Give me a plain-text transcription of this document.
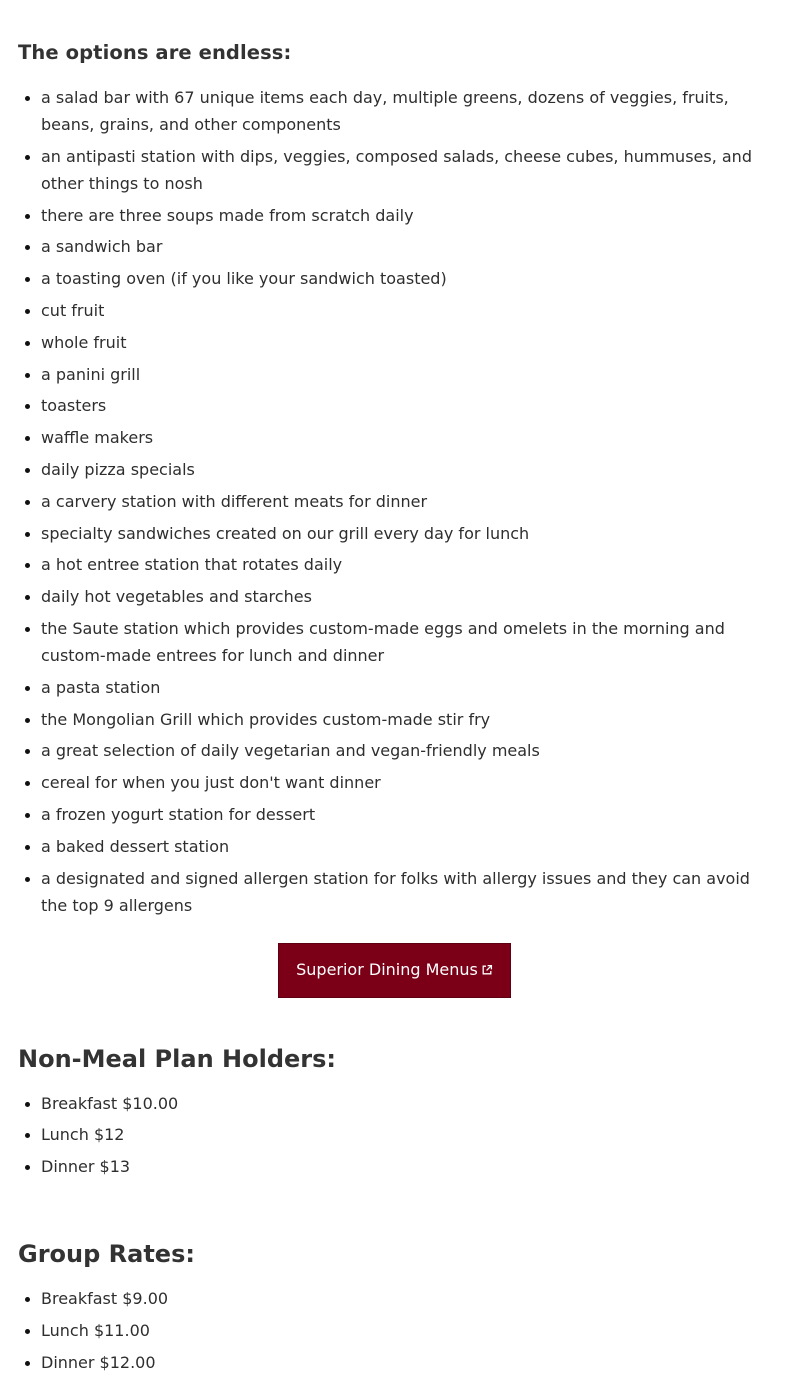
The options are endless:
• a salad bar with 67 unique items each day, multiple greens, dozens of veggies, fruits, beans, grains, and other components
• an antipasti station with dips, veggies, composed salads, cheese cubes, hummuses, and other things to nosh
• there are three soups made from scratch daily
• a sandwich bar
• a toasting oven (if you like your sandwich toasted)
• cut fruit
• whole fruit
• a panini grill
• toasters
• waffle makers
• daily pizza specials
• a carvery station with different meats for dinner
• specialty sandwiches created on our grill every day for lunch
• a hot entree station that rotates daily
• daily hot vegetables and starches
• the Saute station which provides custom-made eggs and omelets in the morning and custom-made entrees for lunch and dinner
• a pasta station
• the Mongolian Grill which provides custom-made stir fry
• a great selection of daily vegetarian and vegan-friendly meals
• cereal for when you just don't want dinner
• a frozen yogurt station for dessert
• a baked dessert station
• a designated and signed allergen station for folks with allergy issues and they can avoid the top 9 allergens
Superior Dining Menus
Non-Meal Plan Holders:
• Breakfast $10.00
• Lunch $12
• Dinner $13
Group Rates:
• Breakfast $9.00
• Lunch $11.00
• Dinner $12.00
